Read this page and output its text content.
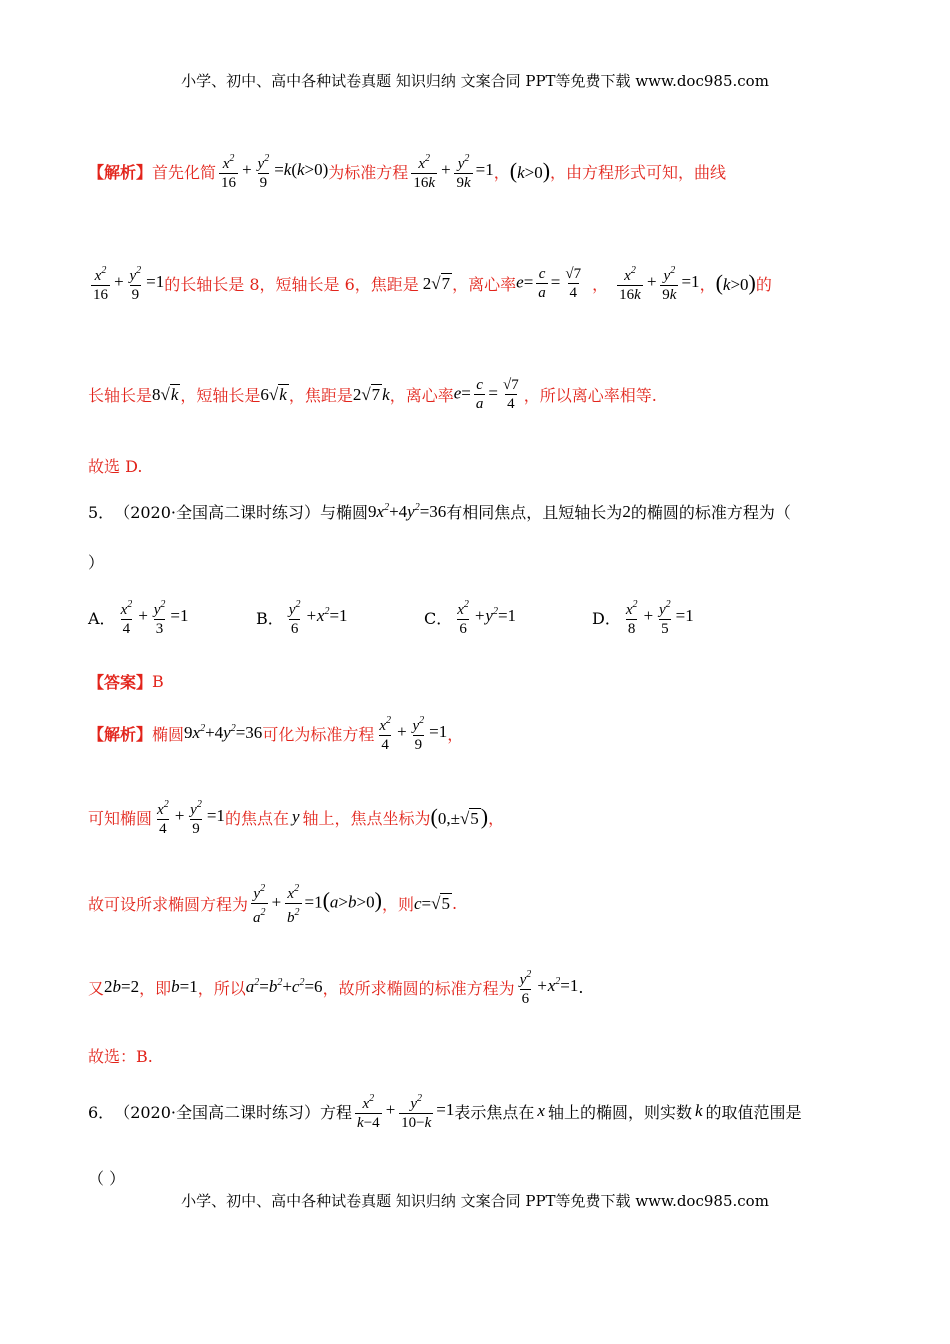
小学、初中、高中各种试卷真题 知识归纳 文案合同 PPT等免费下载 www.doc985.com
【解析】 首先化简 $\frac{x^2}{16} + \frac{y^2}{9} =k(k>0)$ 为标准方程 $\frac{x^2}{16k} + \frac{y^2}{9k} =1$ ， (k>0) ，由方程形式可知，曲线
$\frac{x^2}{16} + \frac{y^2}{9} =1$ 的长轴长是 8，短轴长是 6，焦距是 2 √ 7 ，离心率 $e= \frac{c}{a} = \frac{√7}{4}$ ， $\frac{x^2}{16k} + \frac{y^2}{9k} =1$ ， (k>0) 的
长轴长是 8 √ k ，短轴长是 6 √ k ，焦距是 2 √ 7 k ，离心率 $e= \frac{c}{a} = \frac{√7}{4}$ ，所以离心率相等.
故选 D.
5． （2020·全国高二课时练习） 与椭圆 $9x^2+4y^2=36$ 有相同焦点，且短轴长为 2 的椭圆的标准方程为（
）
A． $\frac{x^2}{4} + \frac{y^2}{3} =1$	B． $\frac{y^2}{6} +x^2=1$	C． $\frac{x^2}{6} +y^2=1$	D． $\frac{x^2}{8} + \frac{y^2}{5} =1$
【答案】 B
【解析】 椭圆 $9x^2+4y^2=36$ 可化为标准方程 $\frac{x^2}{4} + \frac{y^2}{9} =1$ ，
可知椭圆 $\frac{x^2}{4} + \frac{y^2}{9} =1$ 的焦点在 y 轴上，焦点坐标为 (0,± √ 5 ) ，
故可设所求椭圆方程为 $\frac{y^2}{a^2} + \frac{x^2}{b^2} =1(a>b>0)$ ，则 c= √ 5 .
又 2b=2 ，即 b=1 ，所以 $a^2=b^2+c^2=6$ ，故所求椭圆的标准方程为 $\frac{y^2}{6} +x^2=1$ .
故选：B.
6． （2020·全国高二课时练习） 方程 $\frac{x^2}{k-4} + \frac{y^2}{10-k} =1$ 表示焦点在 x 轴上的椭圆，则实数 k 的取值范围是
（ ）
小学、初中、高中各种试卷真题 知识归纳 文案合同 PPT等免费下载 www.doc985.com
